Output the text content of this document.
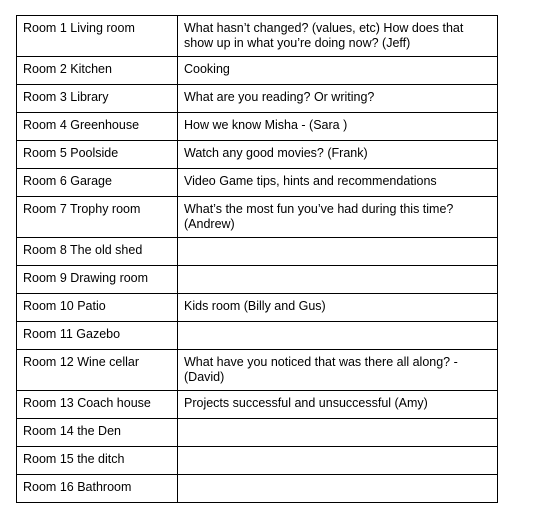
Room 1 Living room	What hasn’t changed? (values, etc) How does that show up in what you’re doing now? (Jeff)
Room 2 Kitchen	Cooking
Room 3 Library	What are you reading? Or writing?
Room 4 Greenhouse	How we know Misha - (Sara )
Room 5 Poolside	Watch any good movies? (Frank)
Room 6 Garage	Video Game tips, hints and recommendations
Room 7 Trophy room	What’s the most fun you’ve had during this time? (Andrew)
Room 8 The old shed	
Room 9 Drawing room	
Room 10 Patio	Kids room (Billy and Gus)
Room 11 Gazebo	
Room 12 Wine cellar	What have you noticed that was there all along? - (David)
Room 13 Coach house	Projects successful and unsuccessful (Amy)
Room 14 the Den	
Room 15 the ditch	
Room 16 Bathroom	
